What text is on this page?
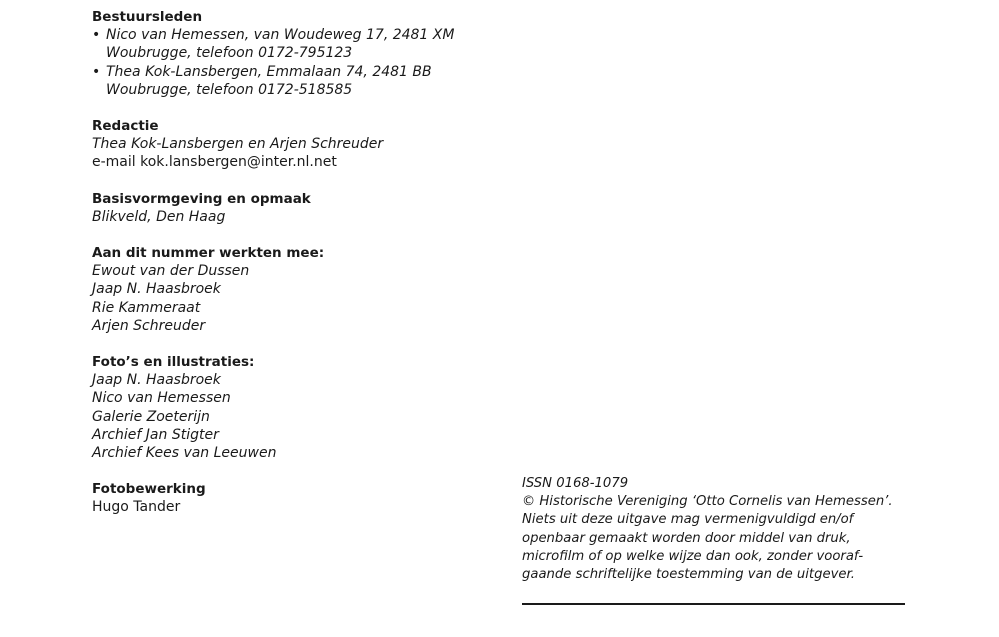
Bestuursleden
• Nico van Hemessen, van Woudeweg 17, 2481 XM
Woubrugge, telefoon 0172-795123
• Thea Kok-Lansbergen, Emmalaan 74, 2481 BB
Woubrugge, telefoon 0172-518585
Redactie
Thea Kok-Lansbergen en Arjen Schreuder
e-mail kok.lansbergen@inter.nl.net
Basisvormgeving en opmaak
Blikveld, Den Haag
Aan dit nummer werkten mee:
Ewout van der Dussen
Jaap N. Haasbroek
Rie Kammeraat
Arjen Schreuder
Foto’s en illustraties:
Jaap N. Haasbroek
Nico van Hemessen
Galerie Zoeterijn
Archief Jan Stigter
Archief Kees van Leeuwen
Fotobewerking
Hugo Tander
ISSN 0168-1079
© Historische Vereniging ‘Otto Cornelis van Hemessen’.
Niets uit deze uitgave mag vermenigvuldigd en/of
openbaar gemaakt worden door middel van druk,
microfilm of op welke wijze dan ook, zonder vooraf-
gaande schriftelijke toestemming van de uitgever.
